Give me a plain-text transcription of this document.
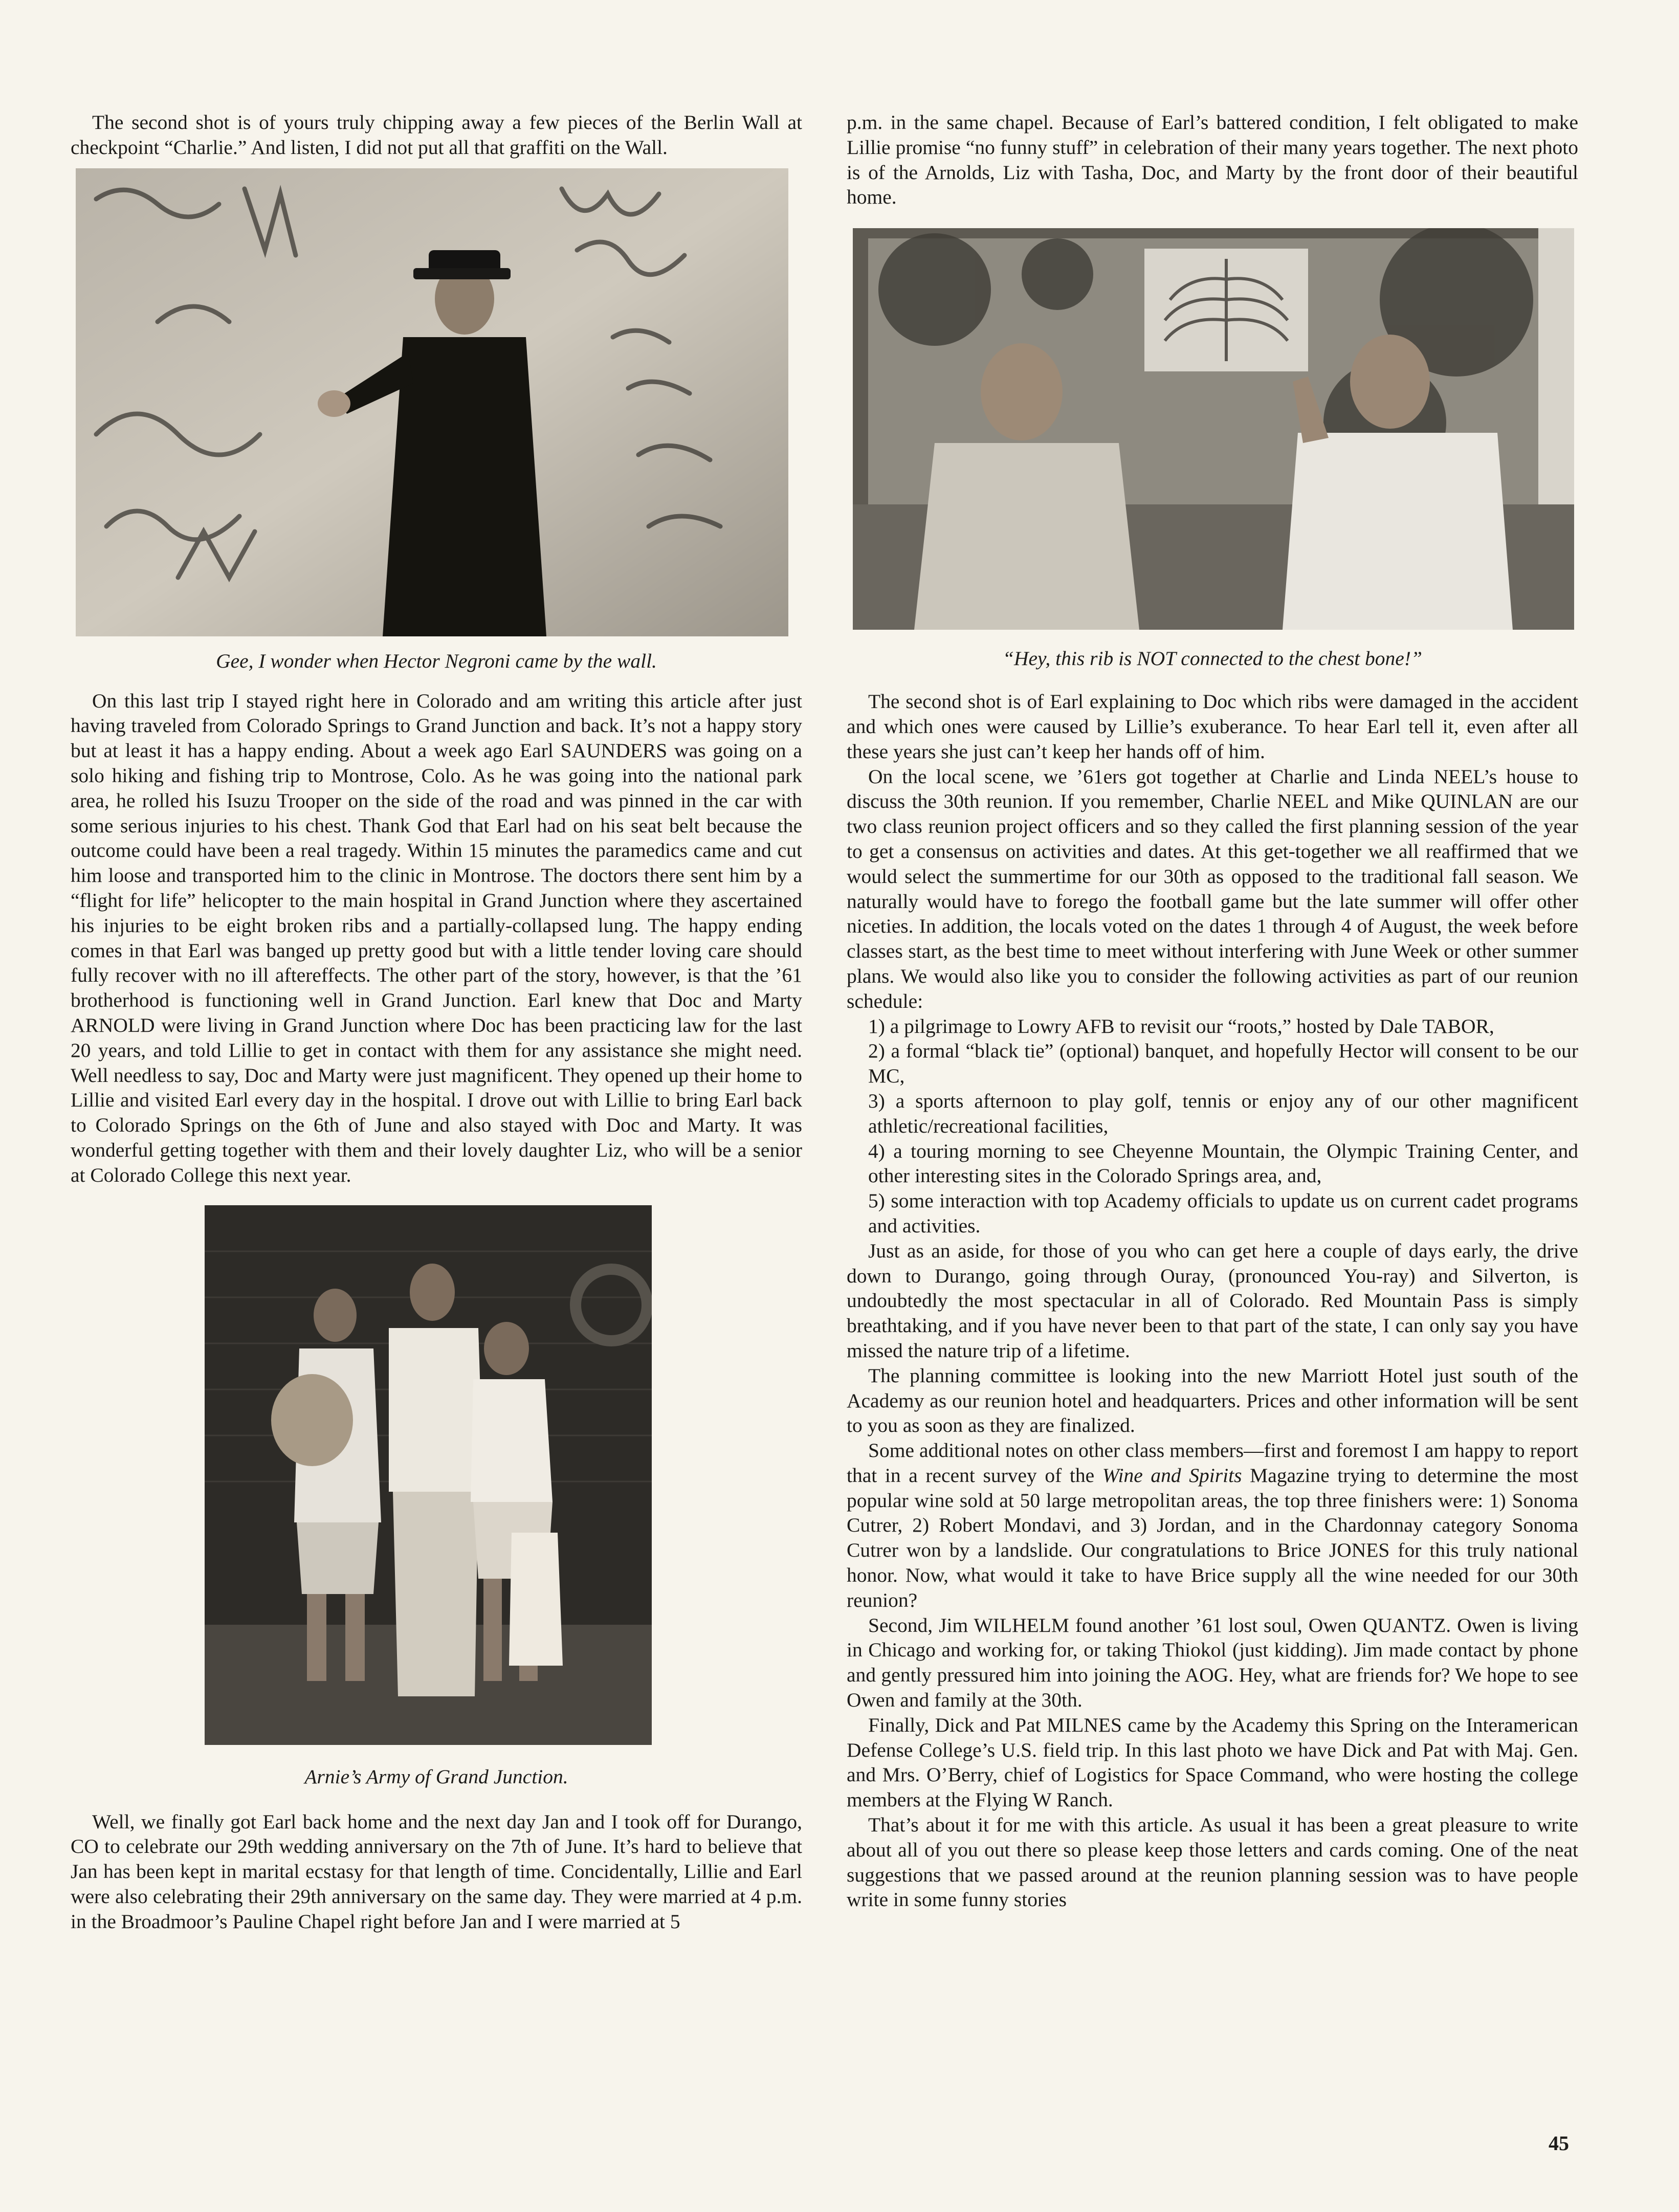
The second shot is of yours truly chipping away a few pieces of the Berlin Wall at checkpoint “Charlie.” And listen, I did not put all that graffiti on the Wall.

Gee, I wonder when Hector Negroni came by the wall.

On this last trip I stayed right here in Colorado and am writing this article after just having traveled from Colorado Springs to Grand Junction and back. It’s not a happy story but at least it has a happy ending. About a week ago Earl SAUNDERS was going on a solo hiking and fishing trip to Montrose, Colo. As he was going into the national park area, he rolled his Isuzu Trooper on the side of the road and was pinned in the car with some serious injuries to his chest. Thank God that Earl had on his seat belt because the outcome could have been a real tragedy. Within 15 minutes the paramedics came and cut him loose and transported him to the clinic in Montrose. The doctors there sent him by a “flight for life” helicopter to the main hospital in Grand Junction where they ascertained his injuries to be eight broken ribs and a partially-collapsed lung. The happy ending comes in that Earl was banged up pretty good but with a little tender loving care should fully recover with no ill aftereffects. The other part of the story, however, is that the ’61 brotherhood is functioning well in Grand Junction. Earl knew that Doc and Marty ARNOLD were living in Grand Junction where Doc has been practicing law for the last 20 years, and told Lillie to get in contact with them for any assistance she might need. Well needless to say, Doc and Marty were just magnificent. They opened up their home to Lillie and visited Earl every day in the hospital. I drove out with Lillie to bring Earl back to Colorado Springs on the 6th of June and also stayed with Doc and Marty. It was wonderful getting together with them and their lovely daughter Liz, who will be a senior at Colorado College this next year.

Arnie’s Army of Grand Junction.

Well, we finally got Earl back home and the next day Jan and I took off for Durango, CO to celebrate our 29th wedding anniversary on the 7th of June. It’s hard to believe that Jan has been kept in marital ecstasy for that length of time. Concidentally, Lillie and Earl were also celebrating their 29th anniversary on the same day. They were married at 4 p.m. in the Broadmoor’s Pauline Chapel right before Jan and I were married at 5

p.m. in the same chapel. Because of Earl’s battered condition, I felt obligated to make Lillie promise “no funny stuff” in celebration of their many years together. The next photo is of the Arnolds, Liz with Tasha, Doc, and Marty by the front door of their beautiful home.

“Hey, this rib is NOT connected to the chest bone!”

The second shot is of Earl explaining to Doc which ribs were damaged in the accident and which ones were caused by Lillie’s exuberance. To hear Earl tell it, even after all these years she just can’t keep her hands off of him.

On the local scene, we ’61ers got together at Charlie and Linda NEEL’s house to discuss the 30th reunion. If you remember, Charlie NEEL and Mike QUINLAN are our two class reunion project officers and so they called the first planning session of the year to get a consensus on activities and dates. At this get-together we all reaffirmed that we would select the summertime for our 30th as opposed to the traditional fall season. We naturally would have to forego the football game but the late summer will offer other niceties. In addition, the locals voted on the dates 1 through 4 of August, the week before classes start, as the best time to meet without interfering with June Week or other summer plans. We would also like you to consider the following activities as part of our reunion schedule:

1) a pilgrimage to Lowry AFB to revisit our “roots,” hosted by Dale TABOR,

2) a formal “black tie” (optional) banquet, and hopefully Hector will consent to be our MC,

3) a sports afternoon to play golf, tennis or enjoy any of our other magnificent athletic/recreational facilities,

4) a touring morning to see Cheyenne Mountain, the Olympic Training Center, and other interesting sites in the Colorado Springs area, and,

5) some interaction with top Academy officials to update us on current cadet programs and activities.

Just as an aside, for those of you who can get here a couple of days early, the drive down to Durango, going through Ouray, (pronounced You-ray) and Silverton, is undoubtedly the most spectacular in all of Colorado. Red Mountain Pass is simply breathtaking, and if you have never been to that part of the state, I can only say you have missed the nature trip of a lifetime.

The planning committee is looking into the new Marriott Hotel just south of the Academy as our reunion hotel and headquarters. Prices and other information will be sent to you as soon as they are finalized.

Some additional notes on other class members—first and foremost I am happy to report that in a recent survey of the Wine and Spirits Magazine trying to determine the most popular wine sold at 50 large metropolitan areas, the top three finishers were: 1) Sonoma Cutrer, 2) Robert Mondavi, and 3) Jordan, and in the Chardonnay category Sonoma Cutrer won by a landslide. Our congratulations to Brice JONES for this truly national honor. Now, what would it take to have Brice supply all the wine needed for our 30th reunion?

Second, Jim WILHELM found another ’61 lost soul, Owen QUANTZ. Owen is living in Chicago and working for, or taking Thiokol (just kidding). Jim made contact by phone and gently pressured him into joining the AOG. Hey, what are friends for? We hope to see Owen and family at the 30th.

Finally, Dick and Pat MILNES came by the Academy this Spring on the Interamerican Defense College’s U.S. field trip. In this last photo we have Dick and Pat with Maj. Gen. and Mrs. O’Berry, chief of Logistics for Space Command, who were hosting the college members at the Flying W Ranch.

That’s about it for me with this article. As usual it has been a great pleasure to write about all of you out there so please keep those letters and cards coming. One of the neat suggestions that we passed around at the reunion planning session was to have people write in some funny stories

45
